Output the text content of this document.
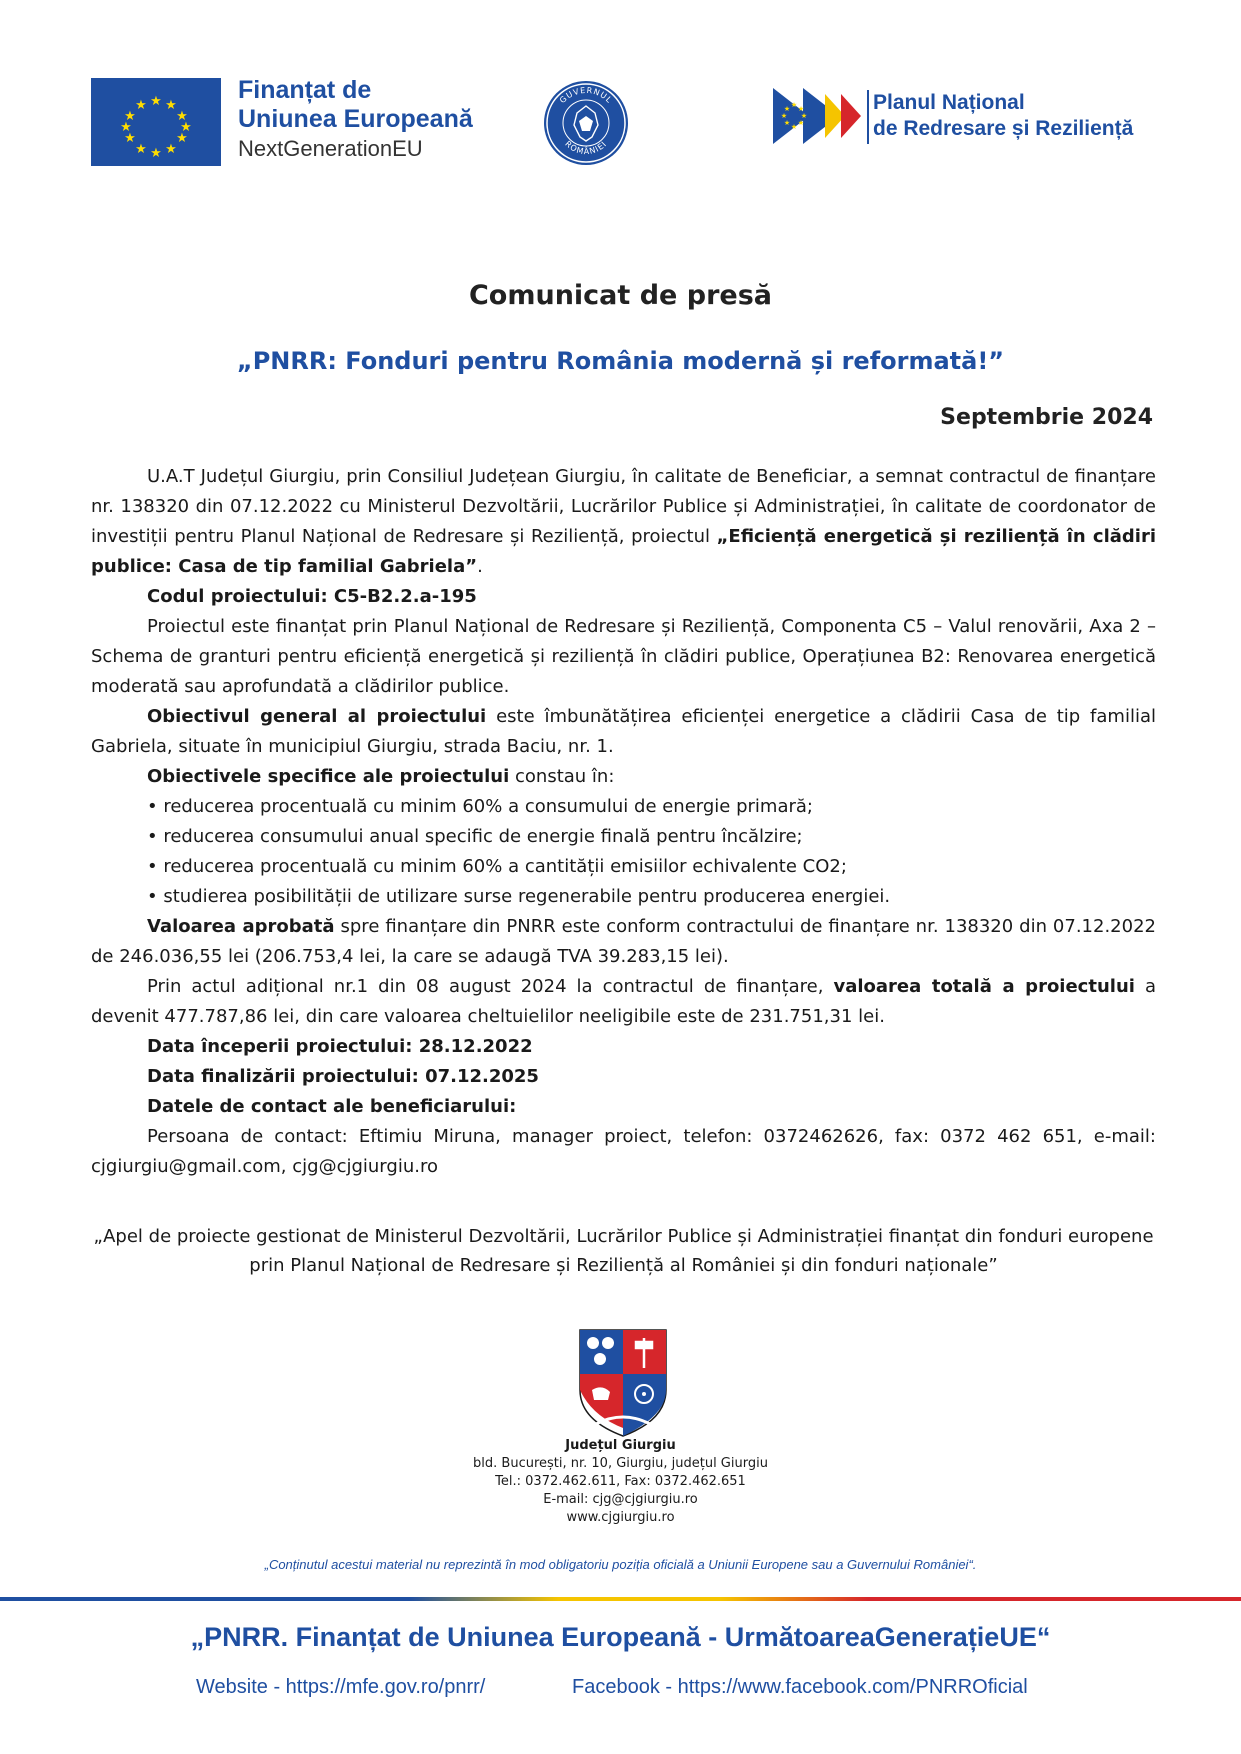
★ ★
★
★
★
★
★
★
★
★
★
★
Finanțat de
Uniunea Europeană
NextGenerationEU
GUVERNUL
ROMÂNIEI
★ ★
★
★
★
★
★
★	Planul Național
de Redresare și Reziliență
Comunicat de presă
„PNRR: Fonduri pentru România modernă și reformată!”
Septembrie 2024

U.A.T Județul Giurgiu, prin Consiliul Județean Giurgiu, în calitate de Beneficiar, a semnat contractul de finanțare nr. 138320 din 07.12.2022 cu Ministerul Dezvoltării, Lucrărilor Publice și Administrației, în calitate de coordonator de investiții pentru Planul Național de Redresare și Reziliență, proiectul „Eficiență energetică și reziliență în clădiri publice: Casa de tip familial Gabriela”.

Codul proiectului: C5-B2.2.a-195

Proiectul este finanțat prin Planul Național de Redresare și Reziliență, Componenta C5 – Valul renovării, Axa 2 – Schema de granturi pentru eficiență energetică și reziliență în clădiri publice, Operațiunea B2: Renovarea energetică moderată sau aprofundată a clădirilor publice.

Obiectivul general al proiectului este îmbunătățirea eficienței energetice a clădirii Casa de tip familial Gabriela, situate în municipiul Giurgiu, strada Baciu, nr. 1.

Obiectivele specifice ale proiectului constau în:

• reducerea procentuală cu minim 60% a consumului de energie primară;

• reducerea consumului anual specific de energie finală pentru încălzire;

• reducerea procentuală cu minim 60% a cantității emisiilor echivalente CO2;

• studierea posibilității de utilizare surse regenerabile pentru producerea energiei.

Valoarea aprobată spre finanțare din PNRR este conform contractului de finanțare nr. 138320 din 07.12.2022 de 246.036,55 lei (206.753,4 lei, la care se adaugă TVA 39.283,15 lei).

Prin actul adițional nr.1 din 08 august 2024 la contractul de finanțare, valoarea totală a proiectului a devenit 477.787,86 lei, din care valoarea cheltuielilor neeligibile este de 231.751,31 lei.

Data începerii proiectului: 28.12.2022

Data finalizării proiectului: 07.12.2025

Datele de contact ale beneficiarului:

Persoana de contact: Eftimiu Miruna, manager proiect, telefon: 0372462626, fax: 0372 462 651, e-mail: cjgiurgiu@gmail.com, cjg@cjgiurgiu.ro

„Apel de proiecte gestionat de Ministerul Dezvoltării, Lucrărilor Publice și Administrației finanțat din fonduri europene prin Planul Național de Redresare și Reziliență al României și din fonduri naționale”
Județul Giurgiu
bld. București, nr. 10, Giurgiu, județul Giurgiu
Tel.: 0372.462.611, Fax: 0372.462.651
E-mail: cjg@cjgiurgiu.ro
www.cjgiurgiu.ro
„Conținutul acestui material nu reprezintă în mod obligatoriu poziția oficială a Uniunii Europene sau a Guvernului României“.
„PNRR. Finanțat de Uniunea Europeană - UrmătoareaGenerațieUE“
Website - https://mfe.gov.ro/pnrr/	Facebook - https://www.facebook.com/PNRROficial
